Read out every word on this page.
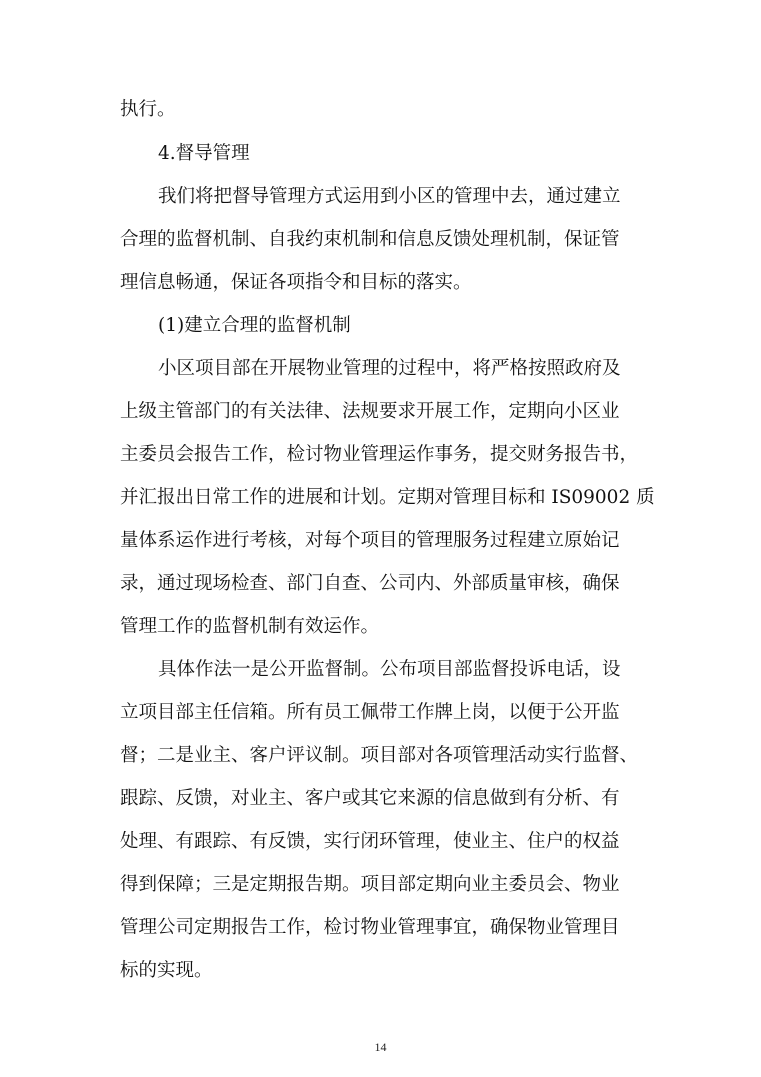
执行。
4.督导管理
我们将把督导管理方式运用到小区的管理中去，通过建立
合理的监督机制、自我约束机制和信息反馈处理机制，保证管
理信息畅通，保证各项指令和目标的落实。
(1)建立合理的监督机制
小区项目部在开展物业管理的过程中，将严格按照政府及
上级主管部门的有关法律、法规要求开展工作，定期向小区业
主委员会报告工作，检讨物业管理运作事务，提交财务报告书，
并汇报出日常工作的进展和计划。定期对管理目标和 IS09002 质
量体系运作进行考核，对每个项目的管理服务过程建立原始记
录，通过现场检查、部门自查、公司内、外部质量审核，确保
管理工作的监督机制有效运作。
具体作法一是公开监督制。公布项目部监督投诉电话，设
立项目部主任信箱。所有员工佩带工作牌上岗，以便于公开监
督；二是业主、客户评议制。项目部对各项管理活动实行监督、
跟踪、反馈，对业主、客户或其它来源的信息做到有分析、有
处理、有跟踪、有反馈，实行闭环管理，使业主、住户的权益
得到保障；三是定期报告期。项目部定期向业主委员会、物业
管理公司定期报告工作，检讨物业管理事宜，确保物业管理目
标的实现。
14
